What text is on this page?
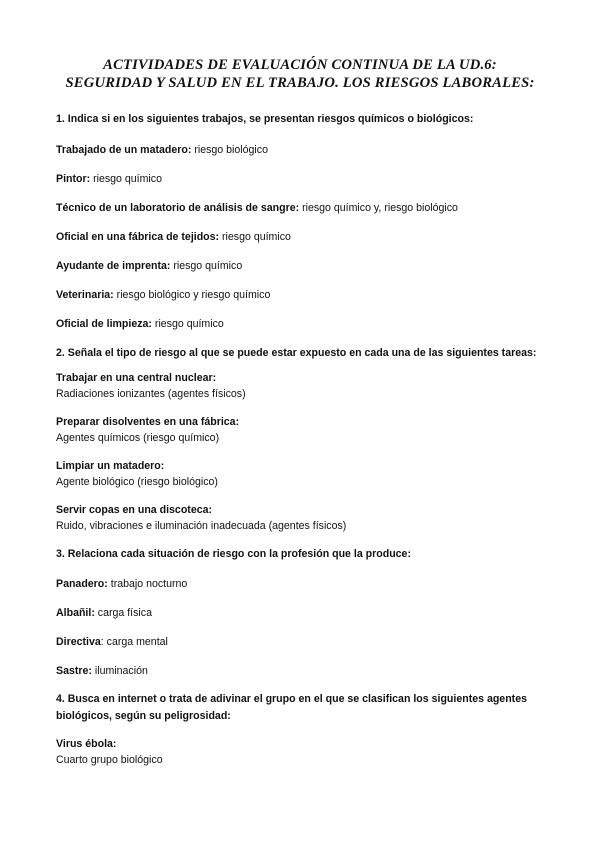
ACTIVIDADES DE EVALUACIÓN CONTINUA DE LA UD.6:
SEGURIDAD Y SALUD EN EL TRABAJO. LOS RIESGOS LABORALES:

1. Indica si en los siguientes trabajos, se presentan riesgos químicos o biológicos:

Trabajado de un matadero: riesgo biológico

Pintor: riesgo químico

Técnico de un laboratorio de análisis de sangre: riesgo químico y, riesgo biológico

Oficial en una fábrica de tejidos: riesgo químico

Ayudante de imprenta: riesgo químico

Veterinaria: riesgo biológico y riesgo químico

Oficial de limpieza: riesgo químico

2. Señala el tipo de riesgo al que se puede estar expuesto en cada una de las siguientes tareas:

Trabajar en una central nuclear:
Radiaciones ionizantes (agentes físicos)
Preparar disolventes en una fábrica:
Agentes químicos (riesgo químico)
Limpiar un matadero:
Agente biológico (riesgo biológico)
Servir copas en una discoteca:
Ruido, vibraciones e iluminación inadecuada (agentes físicos)

3. Relaciona cada situación de riesgo con la profesión que la produce:

Panadero: trabajo nocturno

Albañil: carga física

Directiva: carga mental

Sastre: iluminación

4. Busca en internet o trata de adivinar el grupo en el que se clasifican los siguientes agentes biológicos, según su peligrosidad:

Virus ébola:
Cuarto grupo biológico
